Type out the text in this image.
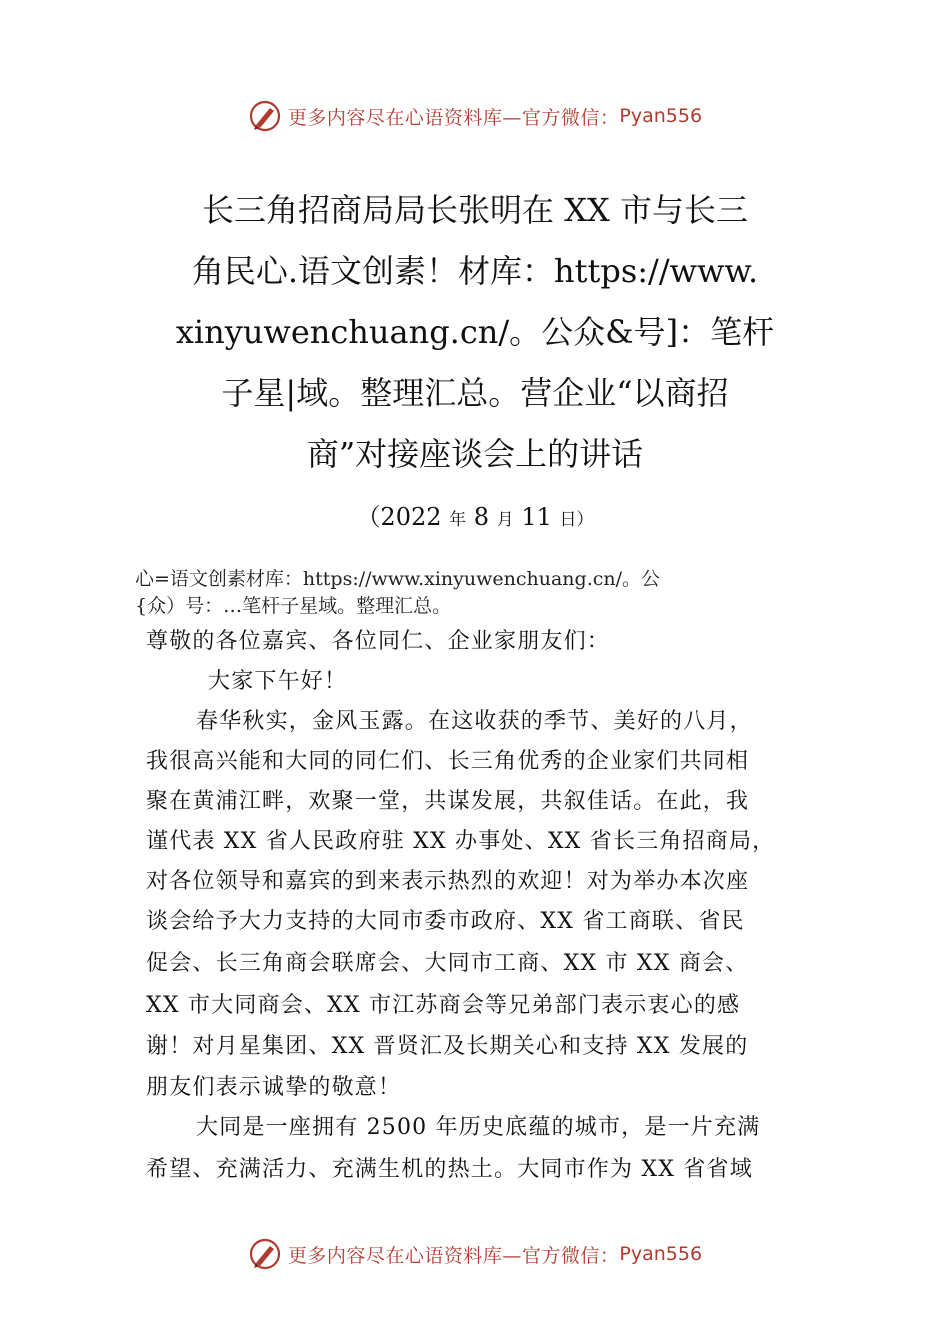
更多内容尽在心语资料库—官方微信： Pyan556
长三角招商局局长张明在 XX 市与长三
角民心.语文创素！材库：https://www.
xinyuwenchuang.cn/。公众&号]：笔杆
子星|域。整理汇总。营企业“以商招
商”对接座谈会上的讲话
（2022 年 8 月 11 日）
心=语文创素材库：https://www.xinyuwenchuang.cn/。公
{众）号：…笔杆子星域。整理汇总。
尊敬的各位嘉宾、各位同仁、企业家朋友们：
大家下午好！
春华秋实，金风玉露。在这收获的季节、美好的八月，
我很高兴能和大同的同仁们、长三角优秀的企业家们共同相
聚在黄浦江畔，欢聚一堂，共谋发展，共叙佳话。在此，我
谨代表 XX 省人民政府驻 XX 办事处、XX 省长三角招商局，
对各位领导和嘉宾的到来表示热烈的欢迎！对为举办本次座
谈会给予大力支持的大同市委市政府、XX 省工商联、省民
促会、长三角商会联席会、大同市工商、XX 市 XX 商会、
XX 市大同商会、XX 市江苏商会等兄弟部门表示衷心的感
谢！对月星集团、XX 晋贤汇及长期关心和支持 XX 发展的
朋友们表示诚挚的敬意！
大同是一座拥有 2500 年历史底蕴的城市，是一片充满
希望、充满活力、充满生机的热土。大同市作为 XX 省省域
更多内容尽在心语资料库—官方微信： Pyan556
